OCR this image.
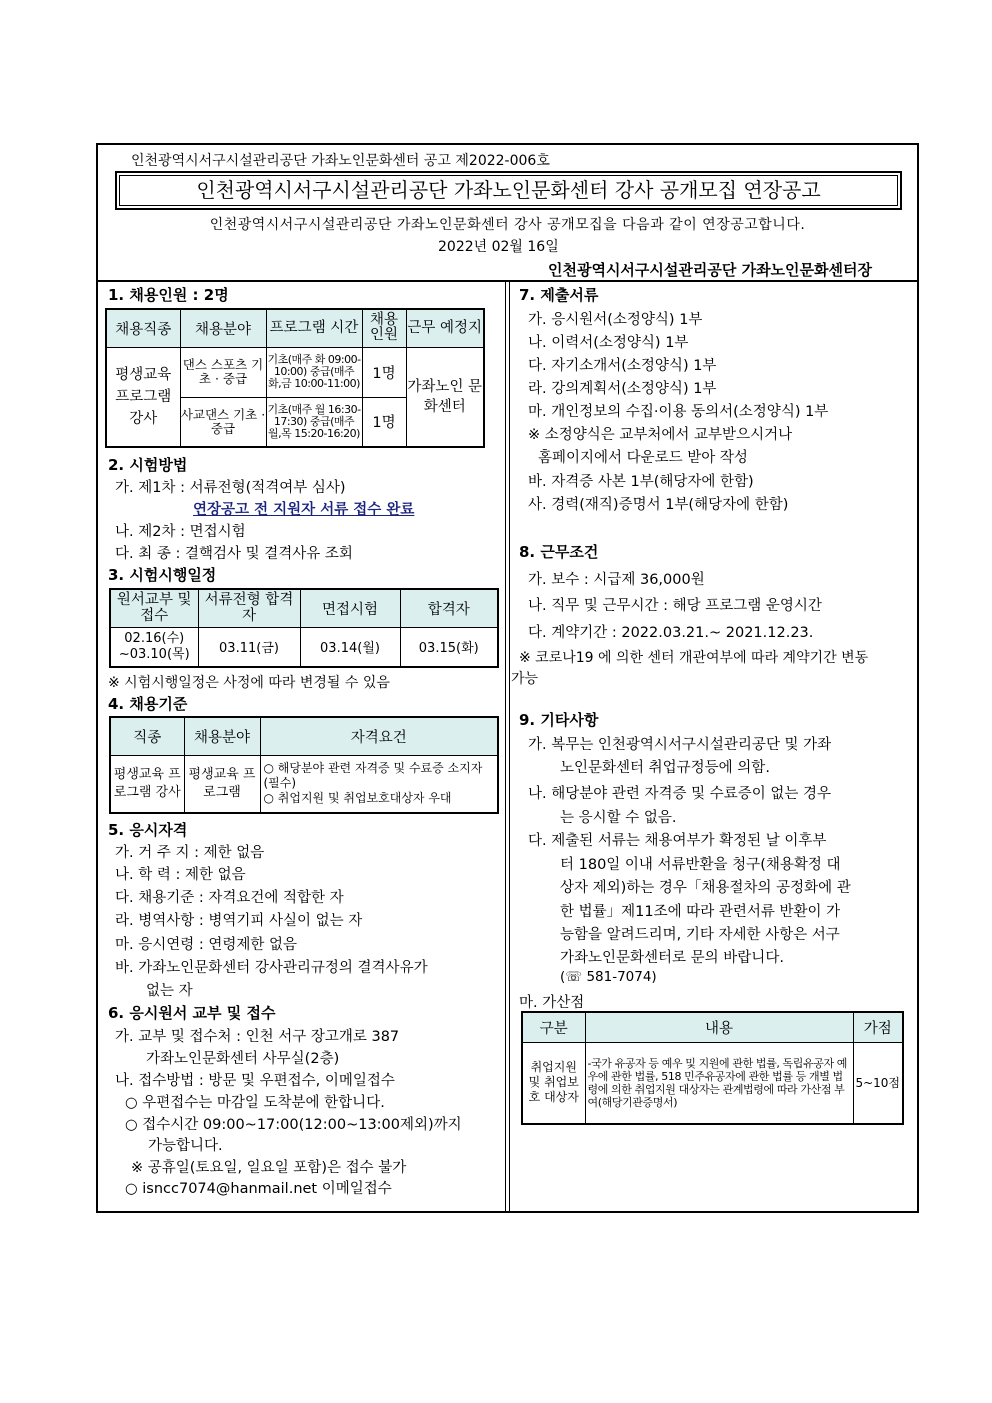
인천광역시서구시설관리공단 가좌노인문화센터 공고 제2022-006호
인천광역시서구시설관리공단 가좌노인문화센터 강사 공개모집 연장공고
인천광역시서구시설관리공단 가좌노인문화센터 강사 공개모집을 다음과 같이 연장공고합니다.
2022년 02월 16일
인천광역시서구시설관리공단 가좌노인문화센터장
1. 채용인원 : 2명
채용직종	채용분야	프로그램 시간	채용 인원	근무 예정지
평생교육 프로그램 강사	댄스 스포츠 기초 · 중급	기초(매주 화 09:00-10:00) 중급(매주 화,금 10:00-11:00)	1명	가좌노인 문화센터
	사교댄스 기초 · 중급	기초(매주 월 16:30-17:30) 중급(매주 월,목 15:20-16:20)	1명	
2. 시험방법
가. 제1차 : 서류전형(적격여부 심사)
연장공고 전 지원자 서류 접수 완료
나. 제2차 : 면접시험
다. 최 종 : 결핵검사 및 결격사유 조회
3. 시험시행일정
원서교부 및 접수	서류전형 합격자	면접시험	합격자
02.16(수) ~03.10(목)	03.11(금)	03.14(월)	03.15(화)
※ 시험시행일정은 사정에 따라 변경될 수 있음
4. 채용기준
직종	채용분야	자격요건
평생교육 프로그램 강사	평생교육 프로그램	○ 해당분야 관련 자격증 및 수료증 소지자 (필수)
○ 취업지원 및 취업보호대상자 우대
5. 응시자격
가. 거 주 지 : 제한 없음
나. 학 력 : 제한 없음
다. 채용기준 : 자격요건에 적합한 자
라. 병역사항 : 병역기피 사실이 없는 자
마. 응시연령 : 연령제한 없음
바. 가좌노인문화센터 강사관리규정의 결격사유가
없는 자
6. 응시원서 교부 및 접수
가. 교부 및 접수처 : 인천 서구 장고개로 387
가좌노인문화센터 사무실(2층)
나. 접수방법 : 방문 및 우편접수, 이메일접수
○ 우편접수는 마감일 도착분에 한합니다.
○ 접수시간 09:00~17:00(12:00~13:00제외)까지
가능합니다.
※ 공휴일(토요일, 일요일 포함)은 접수 불가
○ isncc7074@hanmail.net 이메일접수
7. 제출서류
가. 응시원서(소정양식) 1부
나. 이력서(소정양식) 1부
다. 자기소개서(소정양식) 1부
라. 강의계획서(소정양식) 1부
마. 개인정보의 수집·이용 동의서(소정양식) 1부
※ 소정양식은 교부처에서 교부받으시거나
홈페이지에서 다운로드 받아 작성
바. 자격증 사본 1부(해당자에 한함)
사. 경력(재직)증명서 1부(해당자에 한함)
8. 근무조건
가. 보수 : 시급제 36,000원
나. 직무 및 근무시간 : 해당 프로그램 운영시간
다. 계약기간 : 2022.03.21.~ 2021.12.23.
※ 코로나19 에 의한 센터 개관여부에 따라 계약기간 변동
가능
9. 기타사항
가. 복무는 인천광역시서구시설관리공단 및 가좌
노인문화센터 취업규정등에 의함.
나. 해당분야 관련 자격증 및 수료증이 없는 경우
는 응시할 수 없음.
다. 제출된 서류는 채용여부가 확정된 날 이후부
터 180일 이내 서류반환을 청구(채용확정 대
상자 제외)하는 경우「채용절차의 공정화에 관
한 법률」제11조에 따라 관련서류 반환이 가
능함을 알려드리며, 기타 자세한 사항은 서구
가좌노인문화센터로 문의 바랍니다.
(☏ 581-7074)
마. 가산점
구분	내용	가점
취업지원 및 취업보호 대상자	-국가 유공자 등 예우 및 지원에 관한 법률, 독립유공자 예우에 관한 법률, 518 민주유공자에 관한 법률 등 개별 법령에 의한 취업지원 대상자는 관계법령에 따라 가산점 부여(해당기관증명서)	5~10점
